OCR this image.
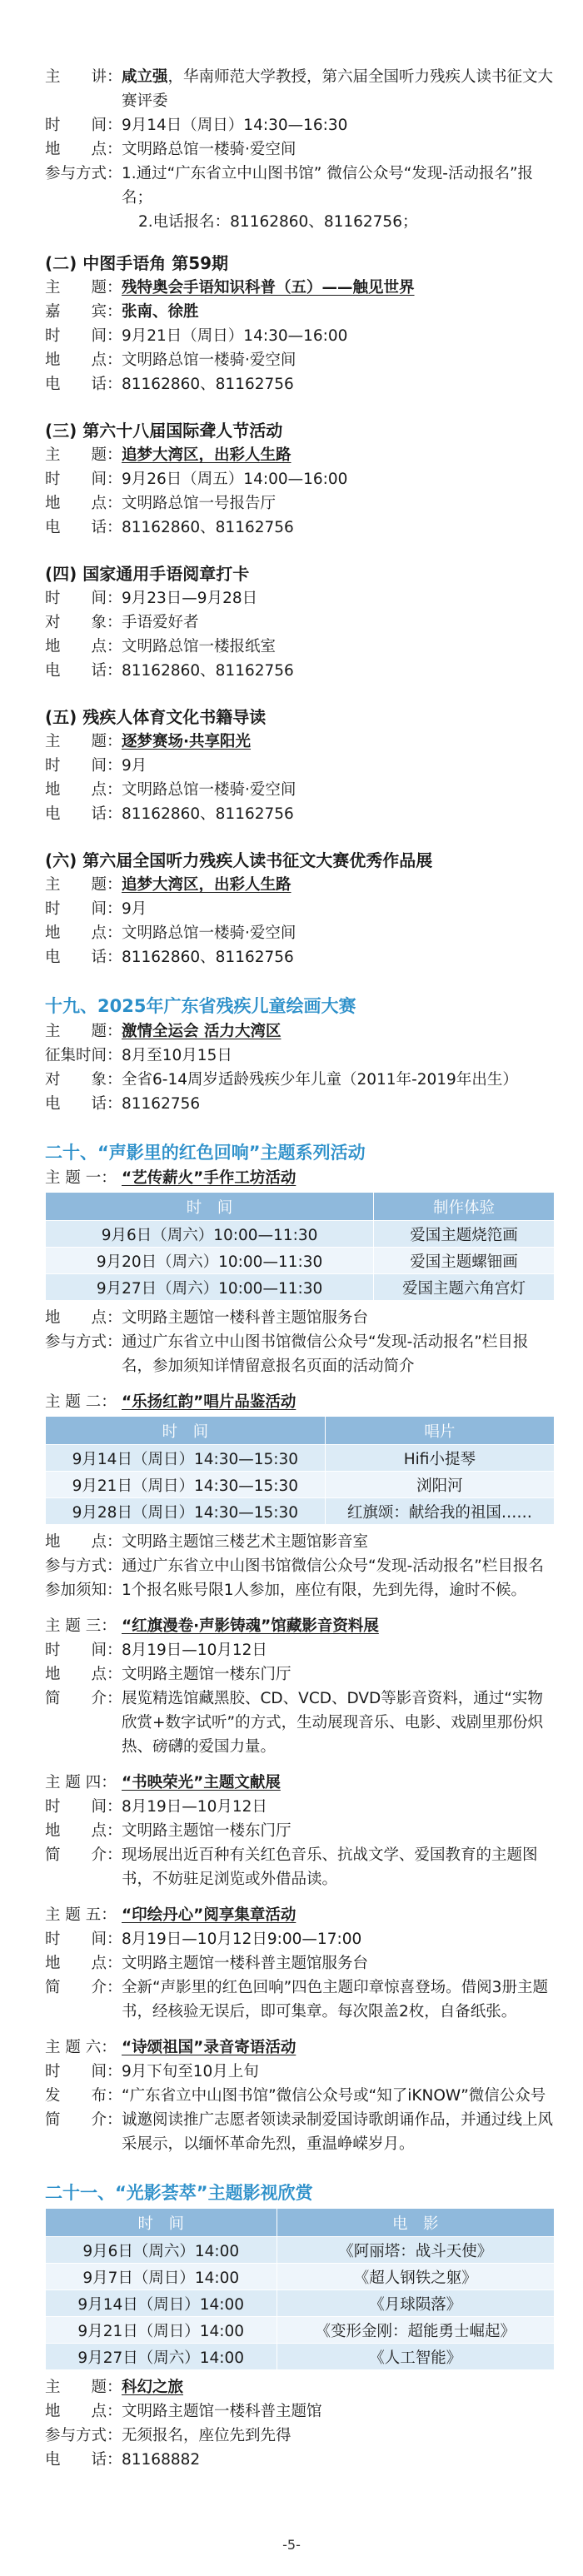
主　　讲： 咸立强，华南师范大学教授，第六届全国听力残疾人读书征文大赛评委
时　　间： 9月14日（周日）14:30—16:30
地　　点： 文明路总馆一楼骑·爱空间
参与方式： 1.通过“广东省立中山图书馆” 微信公众号“发现-活动报名”报名；
2.电话报名：81162860、81162756；
(二) 中图手语角 第59期
主　　题： 残特奥会手语知识科普（五）——触见世界
嘉　　宾： 张南、徐胜
时　　间： 9月21日（周日）14:30—16:00
地　　点： 文明路总馆一楼骑·爱空间
电　　话： 81162860、81162756
(三) 第六十八届国际聋人节活动
主　　题： 追梦大湾区，出彩人生路
时　　间： 9月26日（周五）14:00—16:00
地　　点： 文明路总馆一号报告厅
电　　话： 81162860、81162756
(四) 国家通用手语阅章打卡
时　　间： 9月23日—9月28日
对　　象： 手语爱好者
地　　点： 文明路总馆一楼报纸室
电　　话： 81162860、81162756
(五) 残疾人体育文化书籍导读
主　　题： 逐梦赛场·共享阳光
时　　间： 9月
地　　点： 文明路总馆一楼骑·爱空间
电　　话： 81162860、81162756
(六) 第六届全国听力残疾人读书征文大赛优秀作品展
主　　题： 追梦大湾区，出彩人生路
时　　间： 9月
地　　点： 文明路总馆一楼骑·爱空间
电　　话： 81162860、81162756
十九、2025年广东省残疾儿童绘画大赛
主　　题： 激情全运会 活力大湾区
征集时间： 8月至10月15日
对　　象： 全省6-14周岁适龄残疾少年儿童（2011年-2019年出生）
电　　话： 81162756
二十、“声影里的红色回响”主题系列活动
主 题 一： “艺传薪火”手作工坊活动
时　间	制作体验
9月6日（周六）10:00—11:30	爱国主题烧笵画
9月20日（周六）10:00—11:30	爱国主题螺钿画
9月27日（周六）10:00—11:30	爱国主题六角宫灯
地　　点： 文明路主题馆一楼科普主题馆服务台
参与方式： 通过广东省立中山图书馆微信公众号“发现-活动报名”栏目报名，参加须知详情留意报名页面的活动简介
主 题 二： “乐扬红韵”唱片品鉴活动
时　间	唱片
9月14日（周日）14:30—15:30	Hifi小提琴
9月21日（周日）14:30—15:30	浏阳河
9月28日（周日）14:30—15:30	红旗颂：献给我的祖国……
地　　点： 文明路主题馆三楼艺术主题馆影音室
参与方式： 通过广东省立中山图书馆微信公众号“发现-活动报名”栏目报名
参加须知： 1个报名账号限1人参加，座位有限，先到先得，逾时不候。
主 题 三： “红旗漫卷·声影铸魂”馆藏影音资料展
时　　间： 8月19日—10月12日
地　　点： 文明路主题馆一楼东门厅
简　　介： 展览精选馆藏黑胶、CD、VCD、DVD等影音资料，通过“实物欣赏+数字试听”的方式，生动展现音乐、电影、戏剧里那份炽热、磅礴的爱国力量。
主 题 四： “书映荣光”主题文献展
时　　间： 8月19日—10月12日
地　　点： 文明路主题馆一楼东门厅
简　　介： 现场展出近百种有关红色音乐、抗战文学、爱国教育的主题图书，不妨驻足浏览或外借品读。
主 题 五： “印绘丹心”阅享集章活动
时　　间： 8月19日—10月12日9:00—17:00
地　　点： 文明路主题馆一楼科普主题馆服务台
简　　介： 全新“声影里的红色回响”四色主题印章惊喜登场。借阅3册主题书，经核验无误后，即可集章。每次限盖2枚，自备纸张。
主 题 六： “诗颂祖国”录音寄语活动
时　　间： 9月下旬至10月上旬
发　　布： “广东省立中山图书馆”微信公众号或“知了iKNOW”微信公众号
简　　介： 诚邀阅读推广志愿者领读录制爱国诗歌朗诵作品，并通过线上风采展示，以缅怀革命先烈，重温峥嵘岁月。
二十一、“光影荟萃”主题影视欣赏
时　间	电　影
9月6日（周六）14:00	《阿丽塔：战斗天使》
9月7日（周日）14:00	《超人钢铁之躯》
9月14日（周日）14:00	《月球陨落》
9月21日（周日）14:00	《变形金刚：超能勇士崛起》
9月27日（周六）14:00	《人工智能》
主　　题： 科幻之旅
地　　点： 文明路主题馆一楼科普主题馆
参与方式： 无须报名，座位先到先得
电　　话： 81168882
-5-
